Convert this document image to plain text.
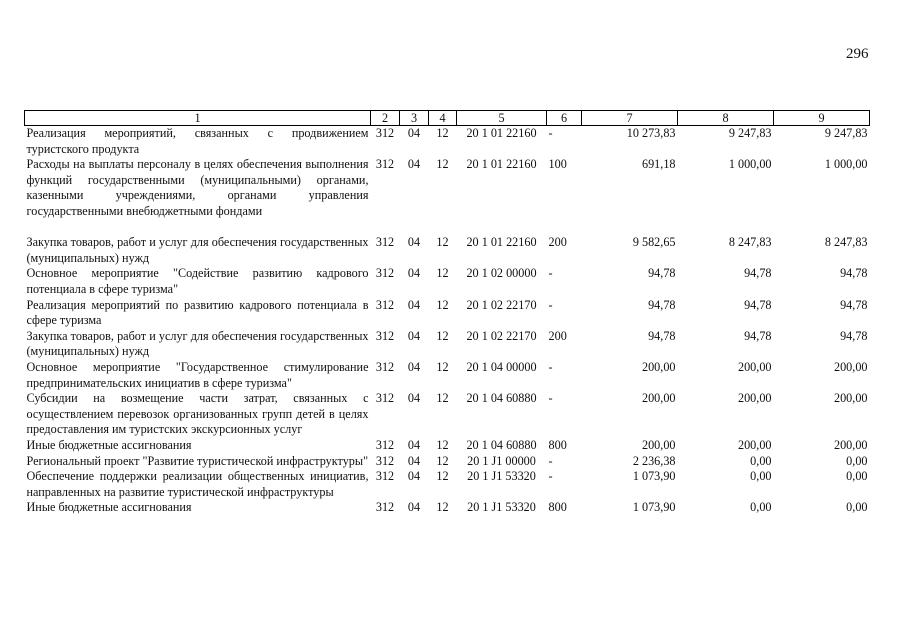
296
1	2	3	4	5	6	7	8	9
Реализация мероприятий, связанных с продвижением туристского продукта	312	04	12	20 1 01 22160	-	10 273,83	9 247,83	9 247,83
Расходы на выплаты персоналу в целях обеспечения выполнения функций государственными (муниципальными) органами, казенными учреждениями, органами управления государственными внебюджетными фондами	312	04	12	20 1 01 22160	100	691,18	1 000,00	1 000,00
Закупка товаров, работ и услуг для обеспечения государственных (муниципальных) нужд	312	04	12	20 1 01 22160	200	9 582,65	8 247,83	8 247,83
Основное мероприятие "Содействие развитию кадрового потенциала в сфере туризма"	312	04	12	20 1 02 00000	-	94,78	94,78	94,78
Реализация мероприятий по развитию кадрового потенциала в сфере туризма	312	04	12	20 1 02 22170	-	94,78	94,78	94,78
Закупка товаров, работ и услуг для обеспечения государственных (муниципальных) нужд	312	04	12	20 1 02 22170	200	94,78	94,78	94,78
Основное мероприятие "Государственное стимулирование предпринимательских инициатив в сфере туризма"	312	04	12	20 1 04 00000	-	200,00	200,00	200,00
Субсидии на возмещение части затрат, связанных с осуществлением перевозок организованных групп детей в целях предоставления им туристских экскурсионных услуг	312	04	12	20 1 04 60880	-	200,00	200,00	200,00
Иные бюджетные ассигнования	312	04	12	20 1 04 60880	800	200,00	200,00	200,00
Региональный проект "Развитие туристической инфраструктуры"	312	04	12	20 1 J1 00000	-	2 236,38	0,00	0,00
Обеспечение поддержки реализации общественных инициатив, направленных на развитие туристической инфраструктуры	312	04	12	20 1 J1 53320	-	1 073,90	0,00	0,00
Иные бюджетные ассигнования	312	04	12	20 1 J1 53320	800	1 073,90	0,00	0,00
